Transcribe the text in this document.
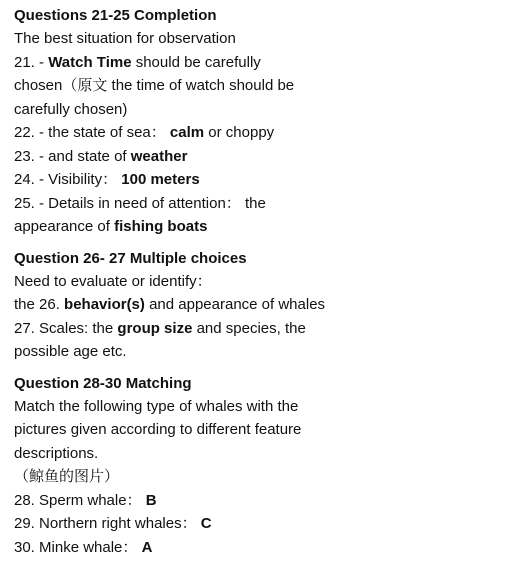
Questions 21-25 Completion

The best situation for observation

21. - Watch Time should be carefully

chosen（原文 the time of watch should be

carefully chosen)

22. - the state of sea： calm or choppy

23. - and state of weather

24. - Visibility： 100 meters

25. - Details in need of attention： the

appearance of fishing boats

Question 26- 27 Multiple choices

Need to evaluate or identify：

the 26. behavior(s) and appearance of whales

27. Scales: the group size and species, the

possible age etc.

Question 28-30 Matching

Match the following type of whales with the

pictures given according to different feature

descriptions.

（鲸鱼的图片）

28. Sperm whale： B

29. Northern right whales： C

30. Minke whale： A
